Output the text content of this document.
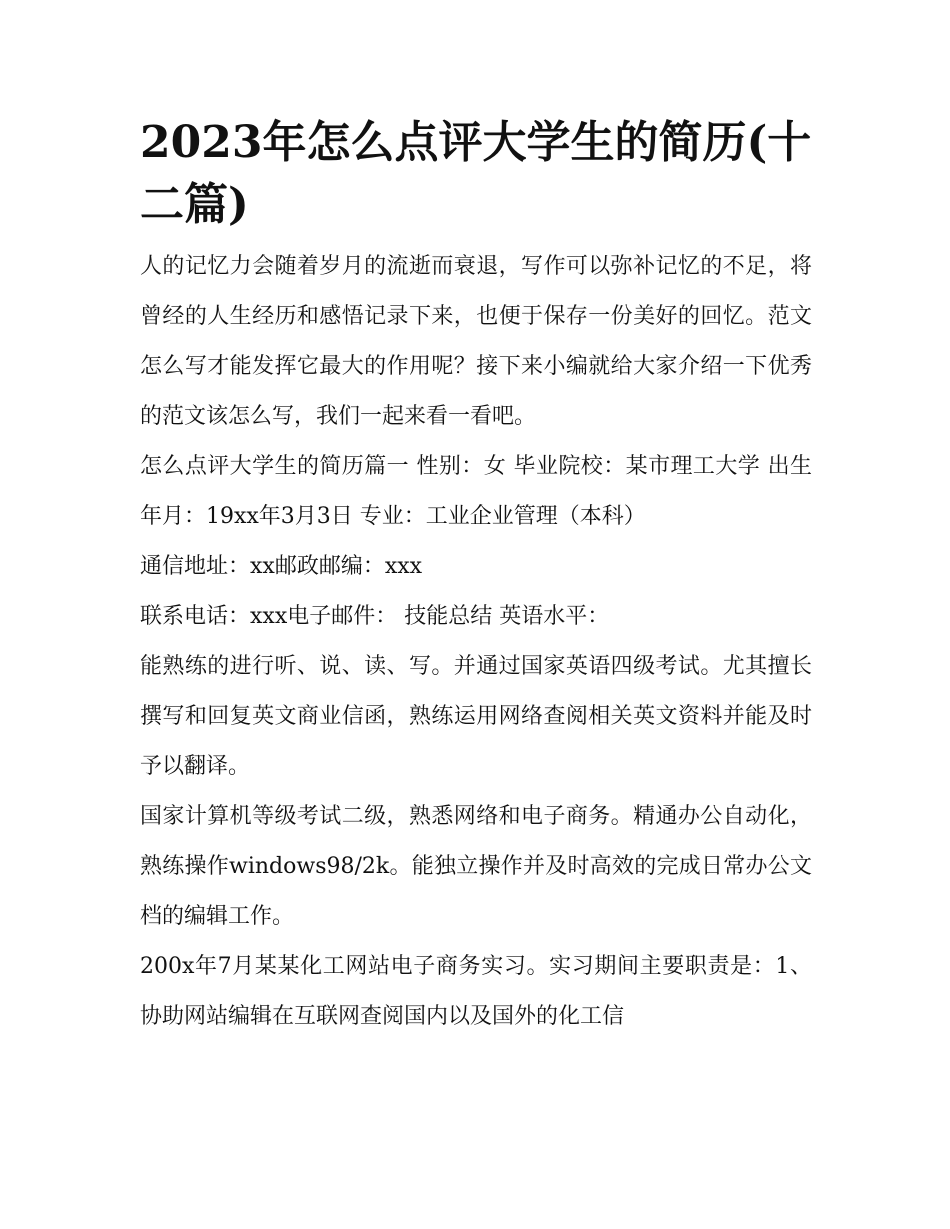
2023年怎么点评大学生的简历(十二篇)

人的记忆力会随着岁月的流逝而衰退，写作可以弥补记忆的不足，将曾经的人生经历和感悟记录下来，也便于保存一份美好的回忆。范文怎么写才能发挥它最大的作用呢？接下来小编就给大家介绍一下优秀的范文该怎么写，我们一起来看一看吧。

怎么点评大学生的简历篇一 性别：女 毕业院校：某市理工大学 出生年月：19xx年3月3日 专业：工业企业管理（本科）

通信地址：xx邮政邮编：xxx

联系电话：xxx电子邮件： 技能总结 英语水平：

能熟练的进行听、说、读、写。并通过国家英语四级考试。尤其擅长撰写和回复英文商业信函，熟练运用网络查阅相关英文资料并能及时予以翻译。

国家计算机等级考试二级，熟悉网络和电子商务。精通办公自动化，熟练操作windows98/2k。能独立操作并及时高效的完成日常办公文档的编辑工作。

200x年7月某某化工网站电子商务实习。实习期间主要职责是：1、协助网站编辑在互联网查阅国内以及国外的化工信
